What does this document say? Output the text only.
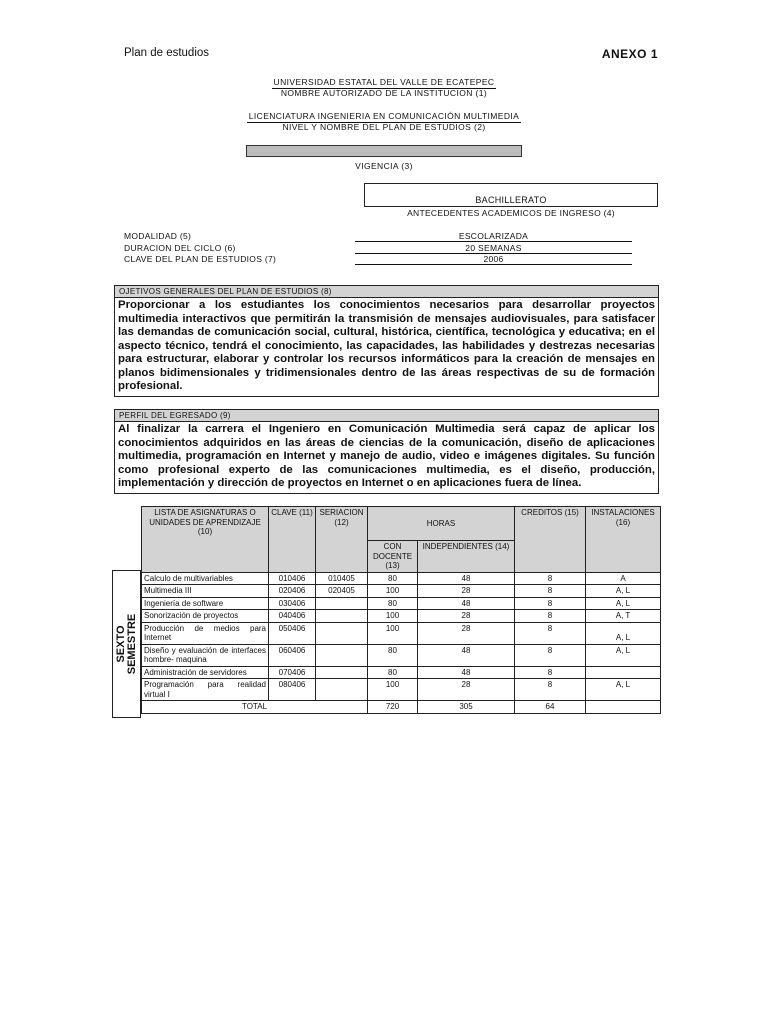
Plan de estudios	ANEXO 1
UNIVERSIDAD ESTATAL DEL VALLE DE ECATEPEC
NOMBRE AUTORIZADO DE LA INSTITUCION (1)
LICENCIATURA INGENIERIA EN COMUNICACIÓN MULTIMEDIA
NIVEL Y NOMBRE DEL PLAN DE ESTUDIOS (2)
VIGENCIA (3)
BACHILLERATO
ANTECEDENTES ACADEMICOS DE INGRESO (4)
MODALIDAD (5)	ESCOLARIZADA
DURACION DEL CICLO (6)	20 SEMANAS
CLAVE DEL PLAN DE ESTUDIOS (7)	2006
OJETIVOS GENERALES DEL PLAN DE ESTUDIOS (8)
Proporcionar a los estudiantes los conocimientos necesarios para desarrollar proyectos multimedia interactivos que permitirán la transmisión de mensajes audiovisuales, para satisfacer las demandas de comunicación social, cultural, histórica, científica, tecnológica y educativa; en el aspecto técnico, tendrá el conocimiento, las capacidades, las habilidades y destrezas necesarias para estructurar, elaborar y controlar los recursos informáticos para la creación de mensajes en planos bidimensionales y tridimensionales dentro de las áreas respectivas de su de formación profesional.
PERFIL DEL EGRESADO (9)
Al finalizar la carrera el Ingeniero en Comunicación Multimedia será capaz de aplicar los conocimientos adquiridos en las áreas de ciencias de la comunicación, diseño de aplicaciones multimedia, programación en Internet y manejo de audio, video e imágenes digitales. Su función como profesional experto de las comunicaciones multimedia, es el diseño, producción, implementación y dirección de proyectos en Internet o en aplicaciones fuera de línea.
SEXTO SEMESTRE
LISTA DE ASIGNATURAS O UNIDADES DE APRENDIZAJE (10)	CLAVE (11)	SERIACION (12)	HORAS		CREDITOS (15)	INSTALACIONES (16)
			CON DOCENTE (13)	INDEPENDIENTES (14)		
Calculo de multivariables	010406	010405	80	48	8	A
Multimedia III	020406	020405	100	28	8	A, L
Ingeniería de software	030406		80	48	8	A, L
Sonorización de proyectos	040406		100	28	8	A, T
Producción de medios para Internet	050406		100	28	8	A, L
Diseño y evaluación de interfaces hombre- maquina	060406		80	48	8	A, L
Administración de servidores	070406		80	48	8	
Programación para realidad virtual I	080406		100	28	8	A, L
TOTAL			720	305	64	
